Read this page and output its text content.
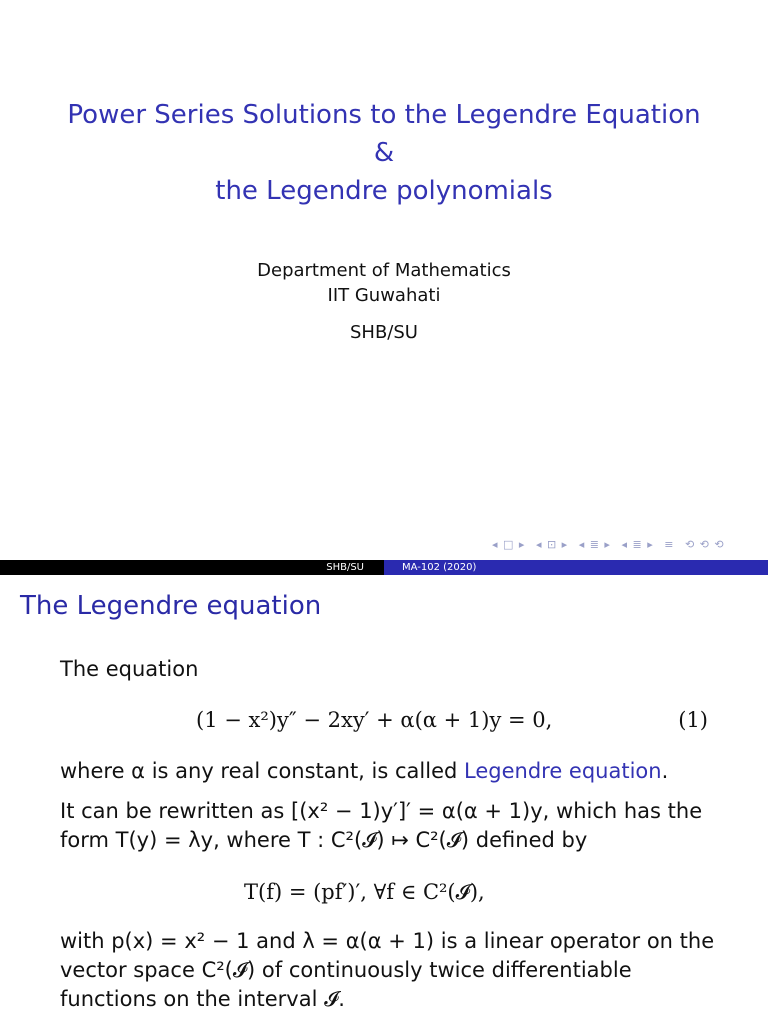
Power Series Solutions to the Legendre Equation
&
the Legendre polynomials
Department of Mathematics
IIT Guwahati
SHB/SU
◂ □ ▸ ◂ ⊡ ▸ ◂ ≣ ▸ ◂ ≣ ▸ ≡ ⟲ ⟲ ⟲
SHB/SU	MA-102 (2020)
The Legendre equation
The equation
(1 − x²)y″ − 2xy′ + α(α + 1)y = 0,	(1)
where α is any real constant, is called Legendre equation.
It can be rewritten as [(x² − 1)y′]′ = α(α + 1)y, which has the form T(y) = λy, where T : C²(𝓘) ↦ C²(𝓘) defined by
T(f) = (pf′)′, ∀f ∈ C²(𝓘),
with p(x) = x² − 1 and λ = α(α + 1) is a linear operator on the vector space C²(𝓘) of continuously twice differentiable functions on the interval 𝓘.
